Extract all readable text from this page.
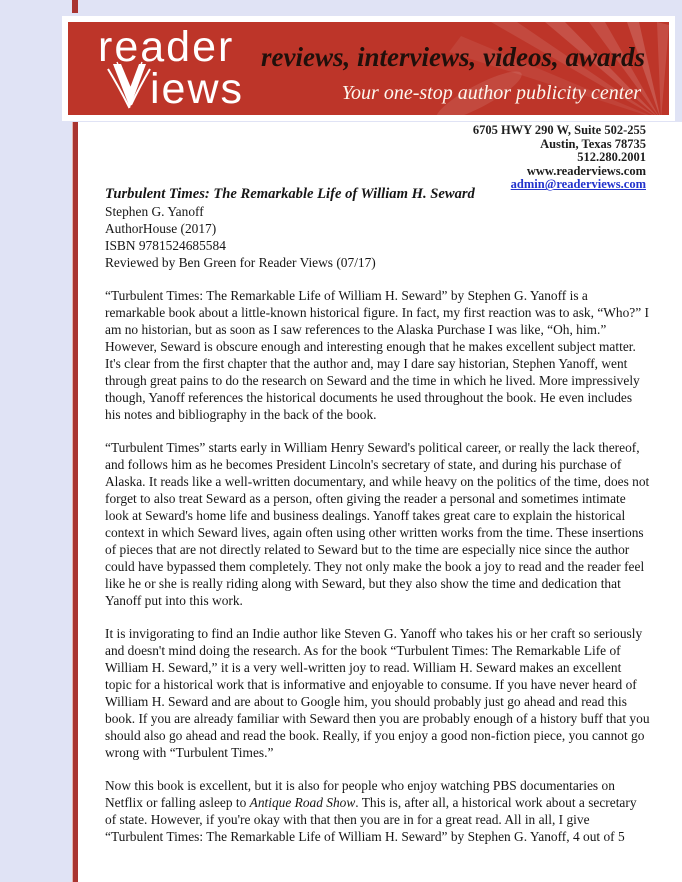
reader
iews
reviews, interviews, videos, awards
Your one-stop author publicity center
6705 HWY 290 W, Suite 502-255
Austin, Texas 78735
512.280.2001
www.readerviews.com
admin@readerviews.com
Turbulent Times: The Remarkable Life of William H. Seward
Stephen G. Yanoff
AuthorHouse (2017)
ISBN 9781524685584
Reviewed by Ben Green for Reader Views (07/17)

“Turbulent Times: The Remarkable Life of William H. Seward” by Stephen G. Yanoff is a remarkable book about a little-known historical figure. In fact, my first reaction was to ask, “Who?” I am no historian, but as soon as I saw references to the Alaska Purchase I was like, “Oh, him.” However, Seward is obscure enough and interesting enough that he makes excellent subject matter. It's clear from the first chapter that the author and, may I dare say historian, Stephen Yanoff, went through great pains to do the research on Seward and the time in which he lived. More impressively though, Yanoff references the historical documents he used throughout the book. He even includes his notes and bibliography in the back of the book.

“Turbulent Times” starts early in William Henry Seward's political career, or really the lack thereof, and follows him as he becomes President Lincoln's secretary of state, and during his purchase of Alaska. It reads like a well-written documentary, and while heavy on the politics of the time, does not forget to also treat Seward as a person, often giving the reader a personal and sometimes intimate look at Seward's home life and business dealings. Yanoff takes great care to explain the historical context in which Seward lives, again often using other written works from the time. These insertions of pieces that are not directly related to Seward but to the time are especially nice since the author could have bypassed them completely. They not only make the book a joy to read and the reader feel like he or she is really riding along with Seward, but they also show the time and dedication that Yanoff put into this work.

It is invigorating to find an Indie author like Steven G. Yanoff who takes his or her craft so seriously and doesn't mind doing the research. As for the book “Turbulent Times: The Remarkable Life of William H. Seward,” it is a very well-written joy to read. William H. Seward makes an excellent topic for a historical work that is informative and enjoyable to consume. If you have never heard of William H. Seward and are about to Google him, you should probably just go ahead and read this book. If you are already familiar with Seward then you are probably enough of a history buff that you should also go ahead and read the book. Really, if you enjoy a good non-fiction piece, you cannot go wrong with “Turbulent Times.”

Now this book is excellent, but it is also for people who enjoy watching PBS documentaries on Netflix or falling asleep to Antique Road Show. This is, after all, a historical work about a secretary of state. However, if you're okay with that then you are in for a great read. All in all, I give “Turbulent Times: The Remarkable Life of William H. Seward” by Stephen G. Yanoff, 4 out of 5
